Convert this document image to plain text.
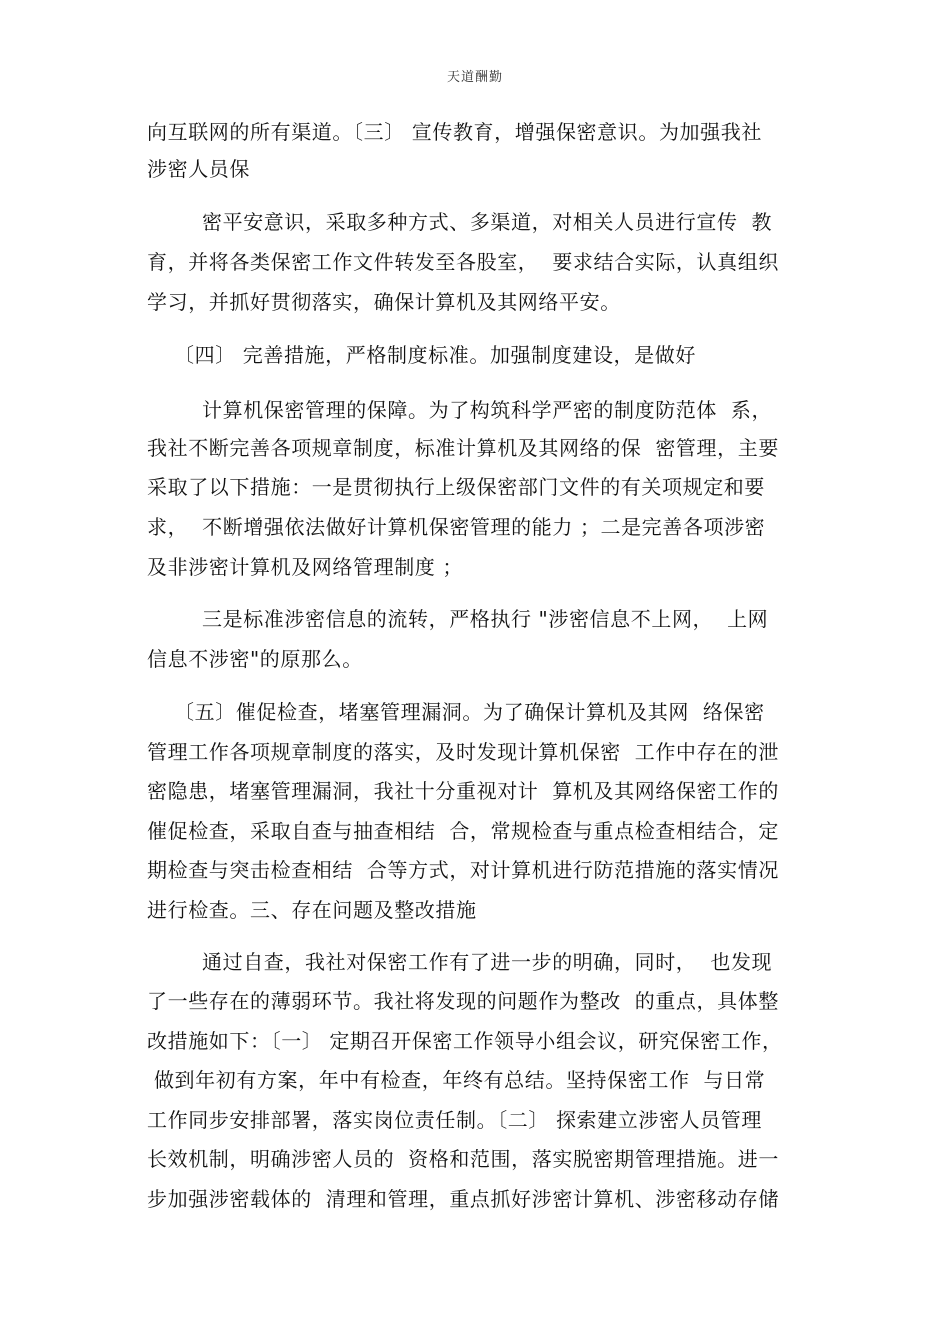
天道酬勤
向互联网的所有渠道。〔三〕 宣传教育，增强保密意识。为加强我社
涉密人员保
密平安意识，采取多种方式、多渠道，对相关人员进行宣传  教
育，并将各类保密工作文件转发至各股室，  要求结合实际，认真组织
学习，并抓好贯彻落实，确保计算机及其网络平安。
〔四〕 完善措施，严格制度标准。加强制度建设，是做好
计算机保密管理的保障。为了构筑科学严密的制度防范体  系，
我社不断完善各项规章制度，标准计算机及其网络的保  密管理，主要
采取了以下措施：一是贯彻执行上级保密部门文件的有关项规定和要
求，  不断增强依法做好计算机保密管理的能力 ；二是完善各项涉密
及非涉密计算机及网络管理制度 ；
三是标准涉密信息的流转，严格执行 "涉密信息不上网，  上网
信息不涉密"的原那么。
〔五〕催促检查，堵塞管理漏洞。为了确保计算机及其网  络保密
管理工作各项规章制度的落实，及时发现计算机保密  工作中存在的泄
密隐患，堵塞管理漏洞，我社十分重视对计  算机及其网络保密工作的
催促检查，采取自查与抽查相结  合，常规检查与重点检查相结合，定
期检查与突击检查相结  合等方式，对计算机进行防范措施的落实情况
进行检查。三、存在问题及整改措施
通过自查，我社对保密工作有了进一步的明确，同时，  也发现
了一些存在的薄弱环节。我社将发现的问题作为整改  的重点，具体整
改措施如下：〔一〕 定期召开保密工作领导小组会议，研究保密工作，
做到年初有方案，年中有检查，年终有总结。坚持保密工作  与日常
工作同步安排部署，落实岗位责任制。〔二〕 探索建立涉密人员管理
长效机制，明确涉密人员的  资格和范围，落实脱密期管理措施。进一
步加强涉密载体的  清理和管理，重点抓好涉密计算机、涉密移动存储
